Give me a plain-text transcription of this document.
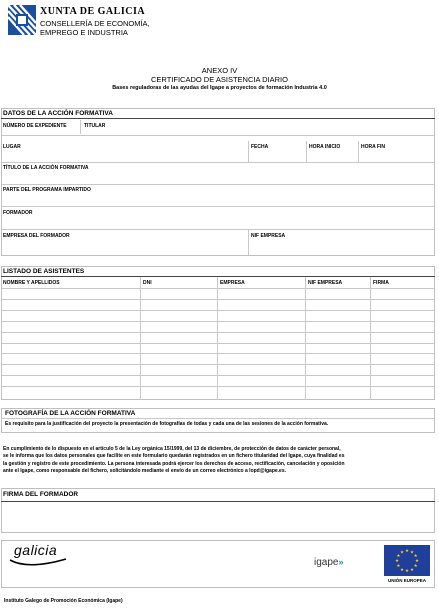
XUNTA DE GALICIA
CONSELLERÍA DE ECONOMÍA,
EMPREGO E INDUSTRIA
ANEXO IV
CERTIFICADO DE ASISTENCIA DIARIO
Bases reguladoras de las ayudas del Igape a proyectos de formación Industria 4.0
DATOS DE LA ACCIÓN FORMATIVA
NÚMERO DE EXPEDIENTE	TITULAR
LUGAR	FECHA	HORA INICIO	HORA FIN
TÍTULO DE LA ACCIÓN FORMATIVA
PARTE DEL PROGRAMA IMPARTIDO
FORMADOR
EMPRESA DEL FORMADOR	NIF EMPRESA
LISTADO DE ASISTENTES
NOMBRE Y APELLIDOS	DNI	EMPRESA	NIF EMPRESA	FIRMA
FOTOGRAFÍA DE LA ACCIÓN FORMATIVA
Es requisito para la justificación del proyecto la presentación de fotografías de todas y cada una de las sesiones de la acción formativa.
En cumplimiento de lo dispuesto en el artículo 5 de la Ley orgánica 15/1999, del 13 de diciembre, de protección de datos de carácter personal,
se le informa que los datos personales que facilite en este formulario quedarán registrados en un fichero titularidad del Igape, cuya finalidad es
la gestión y registro de este procedimiento. La persona interesada podrá ejercer los derechos de acceso, rectificación, cancelación y oposición
ante el Igape, como responsable del fichero, solicitándolo mediante el envío de un correo electrónico a lopd@igape.es.
FIRMA DEL FORMADOR
galicia
igape»
★ ★
★
★
★
★
★
★
★
★
★
★
UNIÓN EUROPEA
Instituto Galego de Promoción Económica (Igape)
